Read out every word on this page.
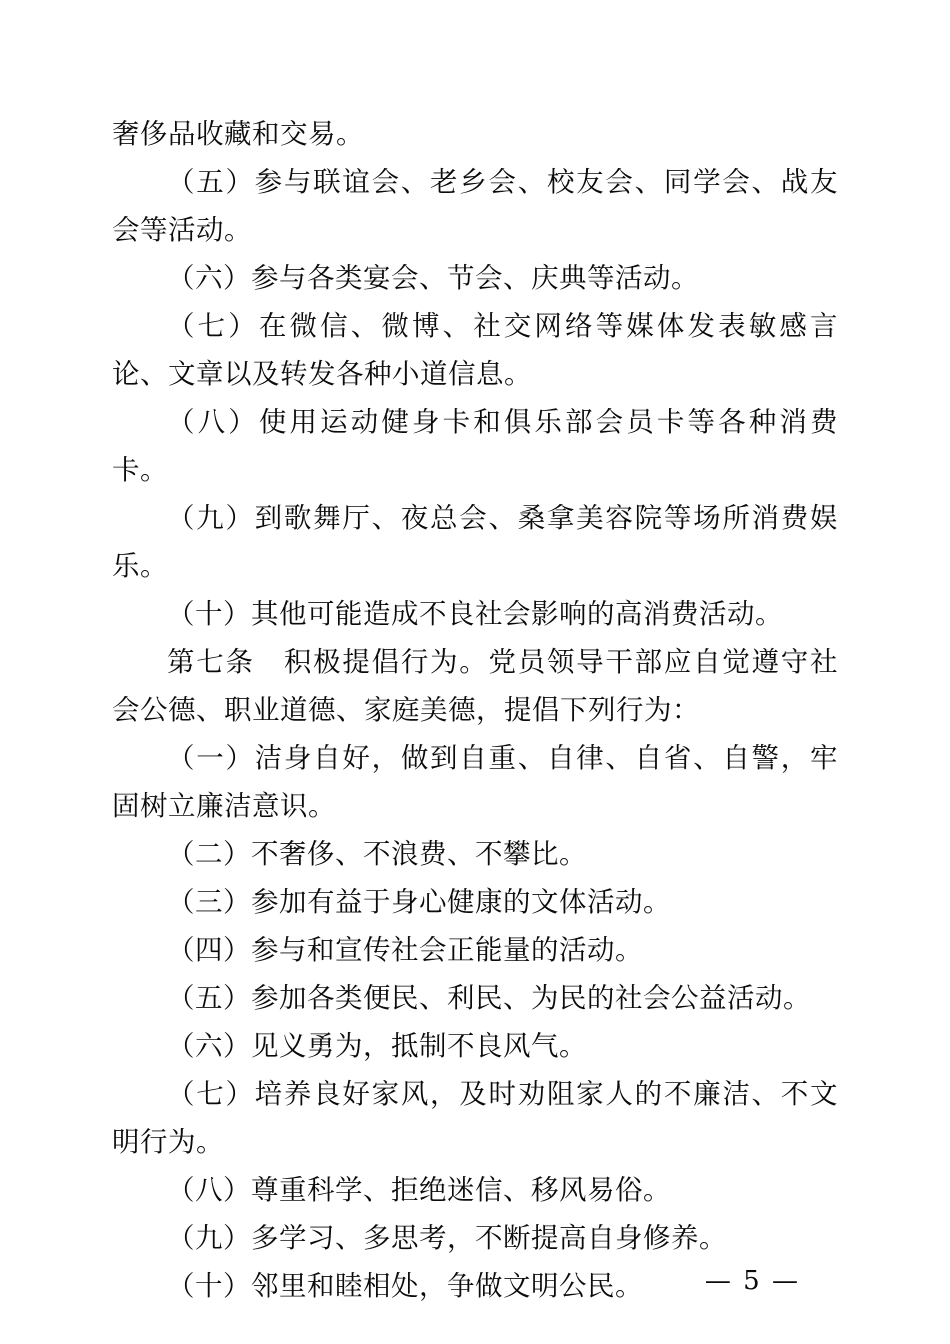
奢侈品收藏和交易。

（五）参与联谊会、老乡会、校友会、同学会、战友会等活动。

（六）参与各类宴会、节会、庆典等活动。

（七）在微信、微博、社交网络等媒体发表敏感言论、文章以及转发各种小道信息。

（八）使用运动健身卡和俱乐部会员卡等各种消费卡。

（九）到歌舞厅、夜总会、桑拿美容院等场所消费娱乐。

（十）其他可能造成不良社会影响的高消费活动。

第七条　积极提倡行为。党员领导干部应自觉遵守社会公德、职业道德、家庭美德，提倡下列行为：

（一）洁身自好，做到自重、自律、自省、自警，牢固树立廉洁意识。

（二）不奢侈、不浪费、不攀比。

（三）参加有益于身心健康的文体活动。

（四）参与和宣传社会正能量的活动。

（五）参加各类便民、利民、为民的社会公益活动。

（六）见义勇为，抵制不良风气。

（七）培养良好家风，及时劝阻家人的不廉洁、不文明行为。

（八）尊重科学、拒绝迷信、移风易俗。

（九）多学习、多思考，不断提高自身修养。

（十）邻里和睦相处，争做文明公民。	— 5 —
